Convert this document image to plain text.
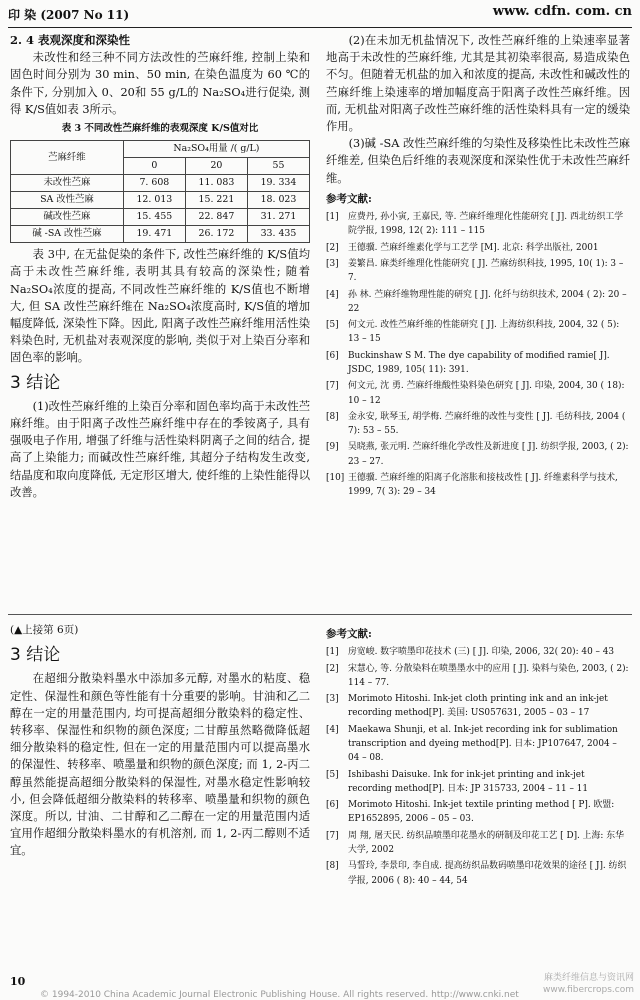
印 染 (2007 No 11)	www. cdfn. com. cn
2. 4 表观深度和深染性

未改性和经三种不同方法改性的苎麻纤维, 控制上染和固色时间分别为 30 min、50 min, 在染色温度为 60 ℃的条件下, 分别加入 0、20和 55 g/L的 Na₂SO₄进行促染, 测得 K/S值如表 3所示。

表 3 不同改性苎麻纤维的表观深度 K/S值对比
苎麻纤维	Na₂SO₄用量 /( g/L)		
	0	20	55
未改性苎麻	7. 608	11. 083	19. 334
SA 改性苎麻	12. 013	15. 221	18. 023
碱改性苎麻	15. 455	22. 847	31. 271
碱 -SA 改性苎麻	19. 471	26. 172	33. 435

表 3中, 在无盐促染的条件下, 改性苎麻纤维的 K/S值均高于未改性苎麻纤维, 表明其具有较高的深染性; 随着 Na₂SO₄浓度的提高, 不同改性苎麻纤维的 K/S值也不断增大, 但 SA 改性苎麻纤维在 Na₂SO₄浓度高时, K/S值的增加幅度降低, 深染性下降。因此, 阳离子改性苎麻纤维用活性染料染色时, 无机盐对表观深度的影响, 类似于对上染百分率和固色率的影响。

3 结论

(1)改性苎麻纤维的上染百分率和固色率均高于未改性苎麻纤维。由于阳离子改性苎麻纤维中存在的季铵离子, 具有强吸电子作用, 增强了纤维与活性染料阴离子之间的结合, 提高了上染能力; 而碱改性苎麻纤维, 其超分子结构发生改变, 结晶度和取向度降低, 无定形区增大, 使纤维的上染性能得以改善。

(2)在未加无机盐情况下, 改性苎麻纤维的上染速率显著地高于未改性的苎麻纤维, 尤其是其初染率很高, 易造成染色不匀。但随着无机盐的加入和浓度的提高, 未改性和碱改性的苎麻纤维上染速率的增加幅度高于阳离子改性苎麻纤维。因而, 无机盐对阳离子改性苎麻纤维的活性染料具有一定的缓染作用。

(3)碱 -SA 改性苎麻纤维的匀染性及移染性比未改性苎麻纤维差, 但染色后纤维的表观深度和深染性优于未改性苎麻纤维。

参考文献:
[1]	应费丹, 孙小寅, 王嘉民, 等. 苎麻纤维理化性能研究 [ J]. 西北纺织工学院学报, 1998, 12( 2): 111 – 115
[2]	王德骥. 苎麻纤维素化学与工艺学 [M]. 北京: 科学出版社, 2001
[3]	姜繁昌. 麻类纤维理化性能研究 [ J]. 苎麻纺织科技, 1995, 10( 1): 3 – 7.
[4]	孙 林. 苎麻纤维物理性能的研究 [ J]. 化纤与纺织技术, 2004 ( 2): 20 – 22
[5]	何文元. 改性苎麻纤维的性能研究 [ J]. 上海纺织科技, 2004, 32 ( 5): 13 – 15
[6]	Buckinshaw S M. The dye capability of modified ramie[ J]. JSDC, 1989, 105( 11): 391.
[7]	何文元, 沈 勇. 苎麻纤维酸性染料染色研究 [ J]. 印染, 2004, 30 ( 18): 10 – 12
[8]	金永安, 耿琴玉, 胡学梅. 苎麻纤维的改性与变性 [ J]. 毛纺科技, 2004 ( 7): 53 – 55.
[9]	吴晓燕, 张元明. 苎麻纤维化学改性及新进度 [ J]. 纺织学报, 2003, ( 2): 23 – 27.
[10] 王德骥. 苎麻纤维的阳离子化溶胀和接枝改性 [ J]. 纤维素科学与技术, 1999, 7( 3): 29 – 34
(▲上接第 6页)
3 结论

在超细分散染料墨水中添加多元醇, 对墨水的粘度、稳定性、保湿性和颜色等性能有十分重要的影响。甘油和乙二醇在一定的用量范围内, 均可提高超细分散染料的稳定性、转移率、保湿性和织物的颜色深度; 二甘醇虽然略微降低超细分散染料的稳定性, 但在一定的用量范围内可以提高墨水的保湿性、转移率、喷墨量和织物的颜色深度; 而 1, 2-丙二醇虽然能提高超细分散染料的保湿性, 对墨水稳定性影响较小, 但会降低超细分散染料的转移率、喷墨量和织物的颜色深度。所以, 甘油、二甘醇和乙二醇在一定的用量范围内适宜用作超细分散染料墨水的有机溶剂, 而 1, 2-丙二醇则不适宜。

参考文献:
[1]	房宽峻. 数字喷墨印花技术 (三) [ J]. 印染, 2006, 32( 20): 40 – 43
[2]	宋慧心, 等. 分散染料在喷墨墨水中的应用 [ J]. 染料与染色, 2003, ( 2): 114 – 77.
[3]	Morimoto Hitoshi. Ink-jet cloth printing ink and an ink-jet recording method[P]. 美国: US057631, 2005 – 03 – 17
[4]	Maekawa Shunji, et al. Ink-jet recording ink for sublimation transcription and dyeing method[P]. 日本: JP107647, 2004 – 04 – 08.
[5]	Ishibashi Daisuke. Ink for ink-jet printing and ink-jet recording method[P]. 日本: JP 315733, 2004 – 11 – 11
[6]	Morimoto Hitoshi. Ink-jet textile printing method [ P]. 欧盟: EP1652895, 2006 – 05 – 03.
[7]	周 翔, 屠天民. 纺织品喷墨印花墨水的研制及印花工艺 [ D]. 上海: 东华大学, 2002
[8]	马誓玲, 李景印, 李自成. 提高纺织品数码喷墨印花效果的途径 [ J]. 纺织学报, 2006 ( 8): 40 – 44, 54
10
© 1994-2010 China Academic Journal Electronic Publishing House. All rights reserved. http://www.cnki.net
麻类纤维信息与资讯网
www.fibercrops.com
